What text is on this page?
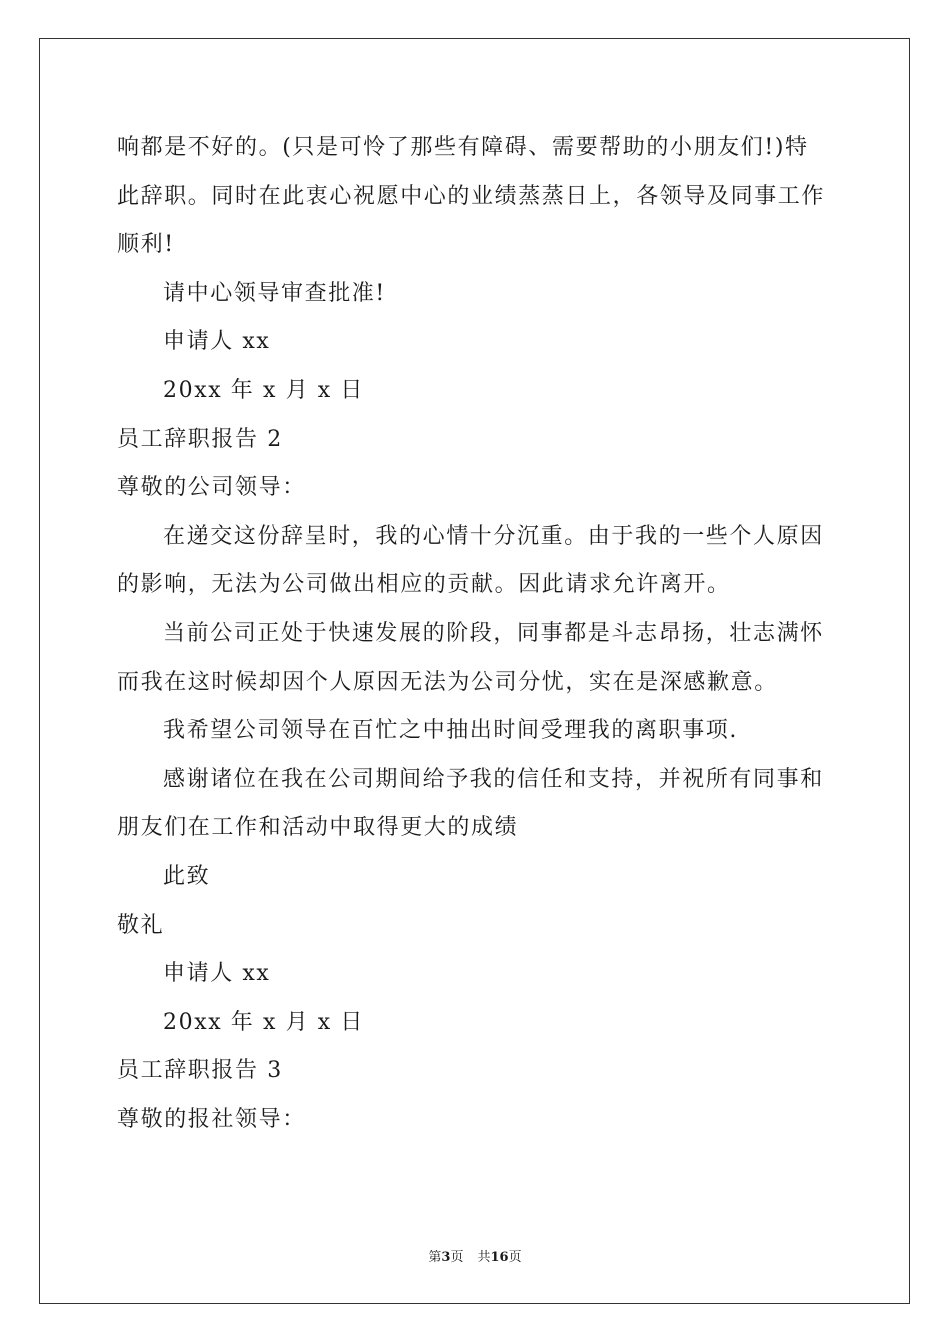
响都是不好的。(只是可怜了那些有障碍、需要帮助的小朋友们!)特
此辞职。同时在此衷心祝愿中心的业绩蒸蒸日上，各领导及同事工作
顺利!
请中心领导审查批准!
申请人 xx
20xx 年 x 月 x 日
员工辞职报告 2
尊敬的公司领导：
在递交这份辞呈时，我的心情十分沉重。由于我的一些个人原因
的影响，无法为公司做出相应的贡献。因此请求允许离开。
当前公司正处于快速发展的阶段，同事都是斗志昂扬，壮志满怀
而我在这时候却因个人原因无法为公司分忧，实在是深感歉意。
我希望公司领导在百忙之中抽出时间受理我的离职事项.
感谢诸位在我在公司期间给予我的信任和支持，并祝所有同事和
朋友们在工作和活动中取得更大的成绩
此致
敬礼
申请人 xx
20xx 年 x 月 x 日
员工辞职报告 3
尊敬的报社领导：
第3页 共16页
